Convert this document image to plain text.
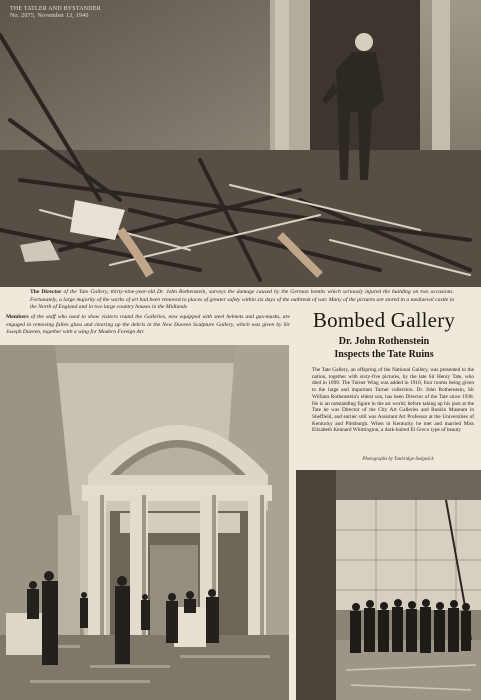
THE TATLER AND BYSTANDER
No. 2075, November 13, 1940
The Director of the Tate Gallery, thirty-nine-year-old Dr. John Rothenstein, surveys the damage caused by the German bombs which seriously injured the building on two occasions. Fortunately, a large majority of the works of art had been removed to places of greater safety within six days of the outbreak of war. Many of the pictures are stored in a mediaeval castle in the North of England and in two large country houses in the Midlands
Members of the staff who used to show visitors round the Galleries, now equipped with steel helmets and gas-masks, are engaged in removing fallen glass and clearing up the debris in the New Duveen Sculpture Gallery, which was given by Sir Joseph Duveen, together with a wing for Modern Foreign Art
Bombed Gallery
Dr. John Rothenstein
Inspects the Tate Ruins
The Tate Gallery, an offspring of the National Gallery, was presented to the nation, together with sixty-five pictures, by the late Sir Henry Tate, who died in 1899. The Turner Wing was added in 1910, four rooms being given to the large and important Turner collection. Dr. John Rothenstein, Sir William Rothenstein's eldest son, has been Director of the Tate since 1938. He is an outstanding figure in the art world; before taking up his post at the Tate he was Director of the City Art Galleries and Ruskin Museum in Sheffield, and earlier still was Assistant Art Professor at the Universities of Kentucky and Pittsburgh. When in Kentucky he met and married Miss Elizabeth Kennard Whittington, a dark-haired El Greco type of beauty
Photographs by Tunbridge-Sedgwick
